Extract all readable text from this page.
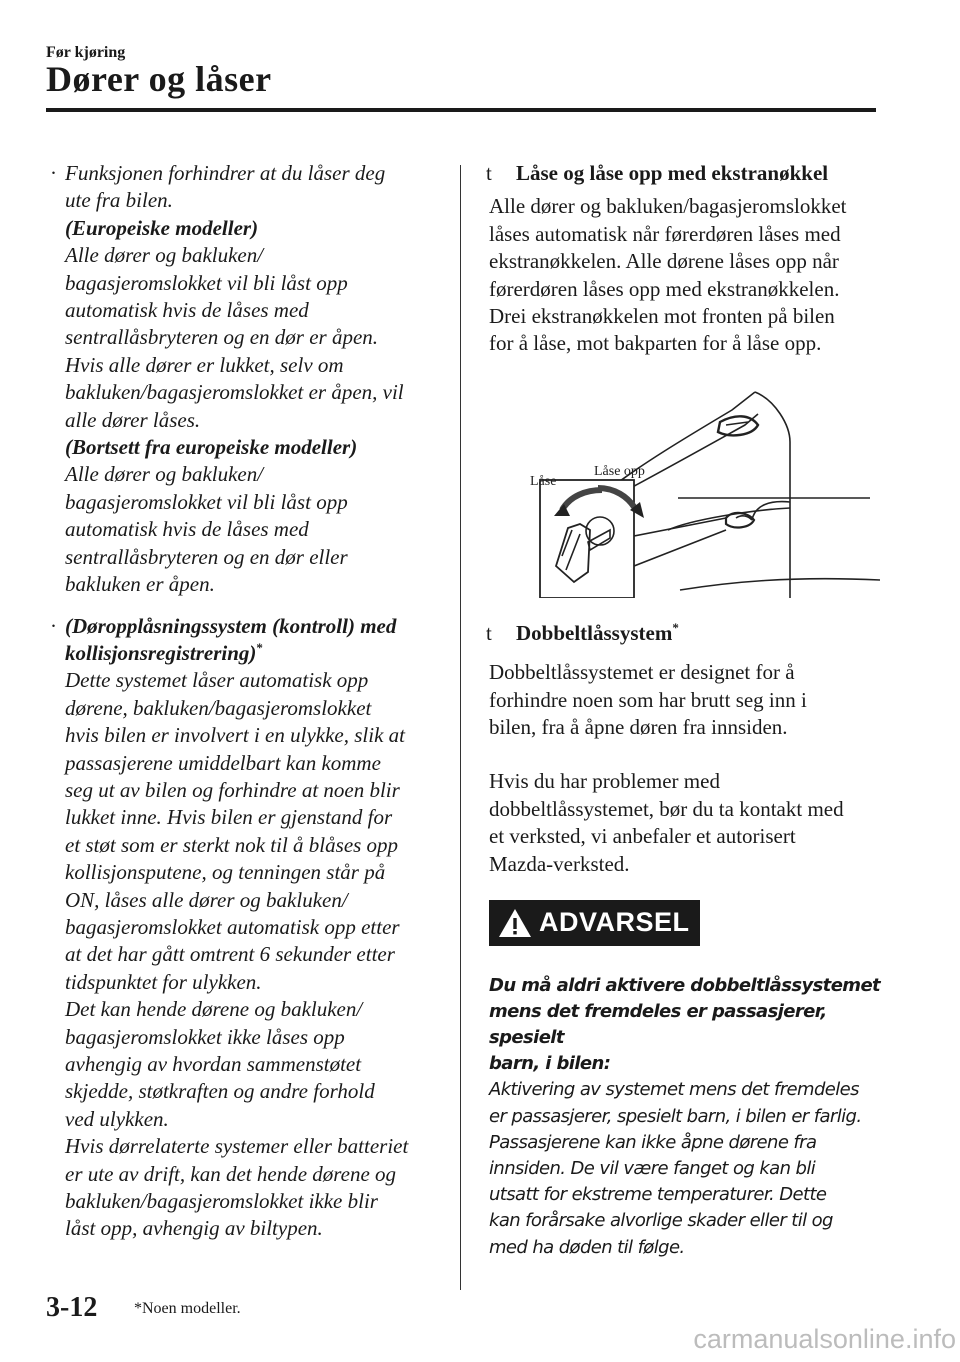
Før kjøring
Dører og låser
· Funksjonen forhindrer at du låser deg
ute fra bilen.
(Europeiske modeller)
Alle dører og bakluken/
bagasjeromslokket vil bli låst opp
automatisk hvis de låses med
sentrallåsbryteren og en dør er åpen.
Hvis alle dører er lukket, selv om
bakluken/bagasjeromslokket er åpen, vil
alle dører låses.
(Bortsett fra europeiske modeller)
Alle dører og bakluken/
bagasjeromslokket vil bli låst opp
automatisk hvis de låses med
sentrallåsbryteren og en dør eller
bakluken er åpen.
· (Døropplåsningssystem (kontroll) med
kollisjonsregistrering)*
Dette systemet låser automatisk opp
dørene, bakluken/bagasjeromslokket
hvis bilen er involvert i en ulykke, slik at
passasjerene umiddelbart kan komme
seg ut av bilen og forhindre at noen blir
lukket inne. Hvis bilen er gjenstand for
et støt som er sterkt nok til å blåses opp
kollisjonsputene, og tenningen står på
ON, låses alle dører og bakluken/
bagasjeromslokket automatisk opp etter
at det har gått omtrent 6 sekunder etter
tidspunktet for ulykken.
Det kan hende dørene og bakluken/
bagasjeromslokket ikke låses opp
avhengig av hvordan sammenstøtet
skjedde, støtkraften og andre forhold
ved ulykken.
Hvis dørrelaterte systemer eller batteriet
er ute av drift, kan det hende dørene og
bakluken/bagasjeromslokket ikke blir
låst opp, avhengig av biltypen.
t Låse og låse opp med ekstranøkkel
Alle dører og bakluken/bagasjeromslokket
låses automatisk når førerdøren låses med
ekstranøkkelen. Alle dørene låses opp når
førerdøren låses opp med ekstranøkkelen.
Drei ekstranøkkelen mot fronten på bilen
for å låse, mot bakparten for å låse opp.
Låse
Låse opp
t Dobbeltlåssystem*
Dobbeltlåssystemet er designet for å
forhindre noen som har brutt seg inn i
bilen, fra å åpne døren fra innsiden.
Hvis du har problemer med
dobbeltlåssystemet, bør du ta kontakt med
et verksted, vi anbefaler et autorisert
Mazda-verksted.
ADVARSEL
Du må aldri aktivere dobbeltlåssystemet
mens det fremdeles er passasjerer, spesielt
barn, i bilen:
Aktivering av systemet mens det fremdeles
er passasjerer, spesielt barn, i bilen er farlig.
Passasjerene kan ikke åpne dørene fra
innsiden. De vil være fanget og kan bli
utsatt for ekstreme temperaturer. Dette
kan forårsake alvorlige skader eller til og
med ha døden til følge.
3-12 *Noen modeller.
carmanualsonline.info
